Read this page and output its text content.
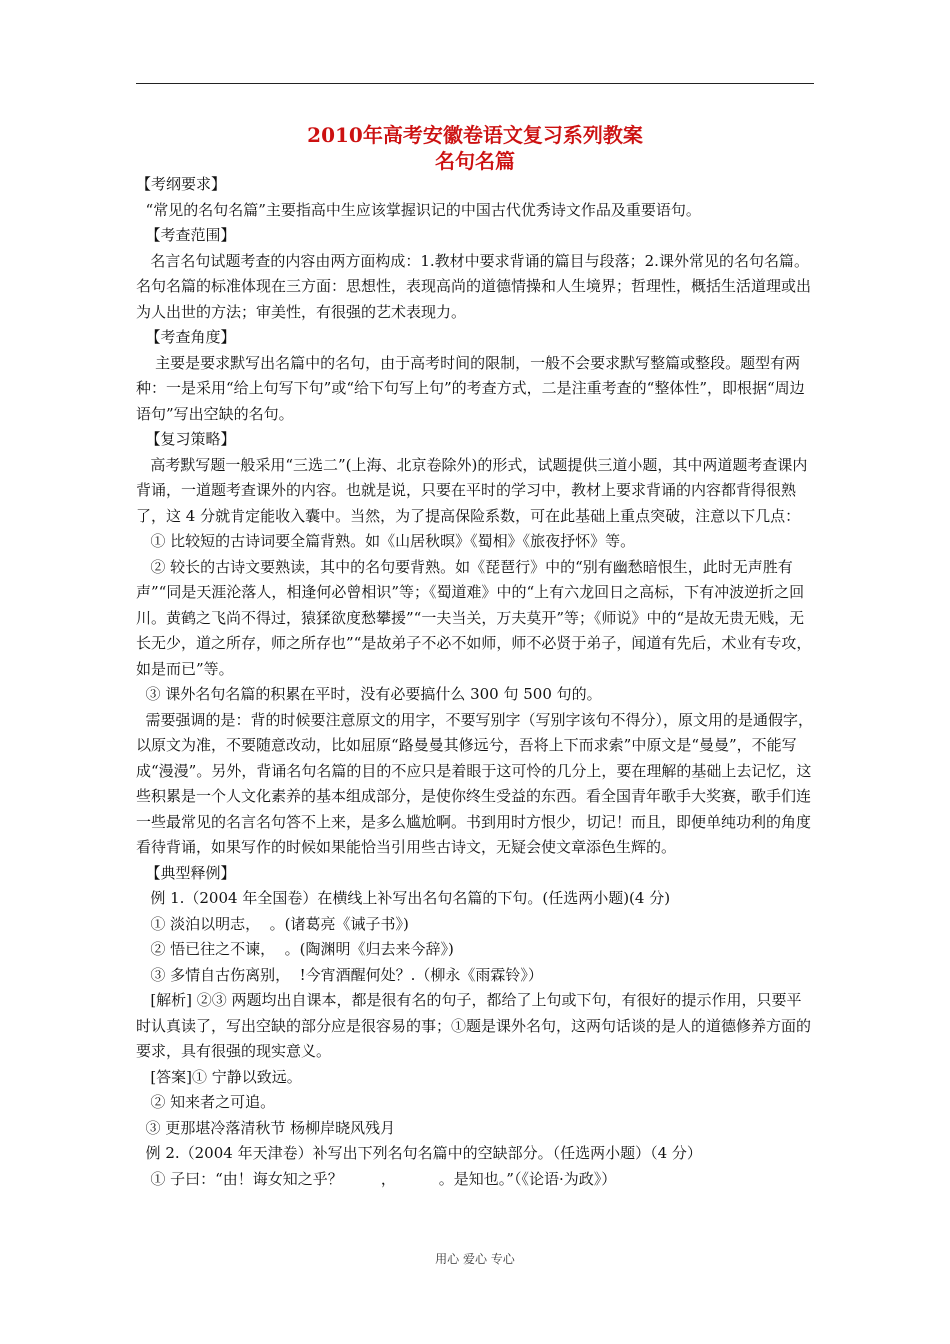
2010年高考安徽卷语文复习系列教案

名句名篇

【考纲要求】

“常见的名句名篇”主要指高中生应该掌握识记的中国古代优秀诗文作品及重要语句。

【考查范围】

名言名句试题考查的内容由两方面构成：1.教材中要求背诵的篇目与段落；2.课外常见的名句名篇。名句名篇的标准体现在三方面：思想性，表现高尚的道德情操和人生境界；哲理性，概括生活道理或出为人出世的方法；审美性，有很强的艺术表现力。

【考查角度】

主要是要求默写出名篇中的名句，由于高考时间的限制，一般不会要求默写整篇或整段。题型有两种：一是采用“给上句写下句”或“给下句写上句”的考查方式，二是注重考查的“整体性”，即根据“周边语句”写出空缺的名句。

【复习策略】

高考默写题一般采用“三选二”(上海、北京卷除外)的形式，试题提供三道小题，其中两道题考查课内背诵，一道题考查课外的内容。也就是说，只要在平时的学习中，教材上要求背诵的内容都背得很熟了，这 4 分就肯定能收入囊中。当然，为了提高保险系数，可在此基础上重点突破，注意以下几点：

① 比较短的古诗词要全篇背熟。如《山居秋暝》《蜀相》《旅夜抒怀》等。

② 较长的古诗文要熟读，其中的名句要背熟。如《琵琶行》中的“别有幽愁暗恨生，此时无声胜有声”“同是天涯沦落人，相逢何必曾相识”等；《蜀道难》中的“上有六龙回日之高标，下有冲波逆折之回川。黄鹤之飞尚不得过，猿猱欲度愁攀援”“一夫当关，万夫莫开”等；《师说》中的“是故无贵无贱，无长无少，道之所存，师之所存也”“是故弟子不必不如师，师不必贤于弟子，闻道有先后，术业有专攻，如是而已”等。

③ 课外名句名篇的积累在平时，没有必要搞什么 300 句 500 句的。

需要强调的是：背的时候要注意原文的用字，不要写别字（写别字该句不得分），原文用的是通假字，以原文为准，不要随意改动，比如屈原“路曼曼其修远兮，吾将上下而求索”中原文是“曼曼”，不能写成“漫漫”。另外，背诵名句名篇的目的不应只是着眼于这可怜的几分上，要在理解的基础上去记忆，这些积累是一个人文化素养的基本组成部分，是使你终生受益的东西。看全国青年歌手大奖赛，歌手们连一些最常见的名言名句答不上来，是多么尴尬啊。书到用时方恨少，切记！而且，即便单纯功利的角度看待背诵，如果写作的时候如果能恰当引用些古诗文，无疑会使文章添色生辉的。

【典型释例】

例 1.（2004 年全国卷）在横线上补写出名句名篇的下句。(任选两小题)(4 分)

① 淡泊以明志，  。(诸葛亮《诫子书》)

② 悟已往之不谏，  。(陶渊明《归去来今辞》)

③ 多情自古伤离别，  !今宵酒醒何处？.（柳永《雨霖铃》）

[解析] ②③ 两题均出自课本，都是很有名的句子，都给了上句或下句，有很好的提示作用，只要平时认真读了，写出空缺的部分应是很容易的事；①题是课外名句，这两句话谈的是人的道德修养方面的要求，具有很强的现实意义。

[答案]① 宁静以致远。

② 知来者之可追。

③ 更那堪冷落清秋节 杨柳岸晓风残月

例 2.（2004 年天津卷）补写出下列名句名篇中的空缺部分。（任选两小题）（4 分）

① 子曰：“由！诲女知之乎？        ，         。是知也。”（《论语·为政》）

用心 爱心 专心
